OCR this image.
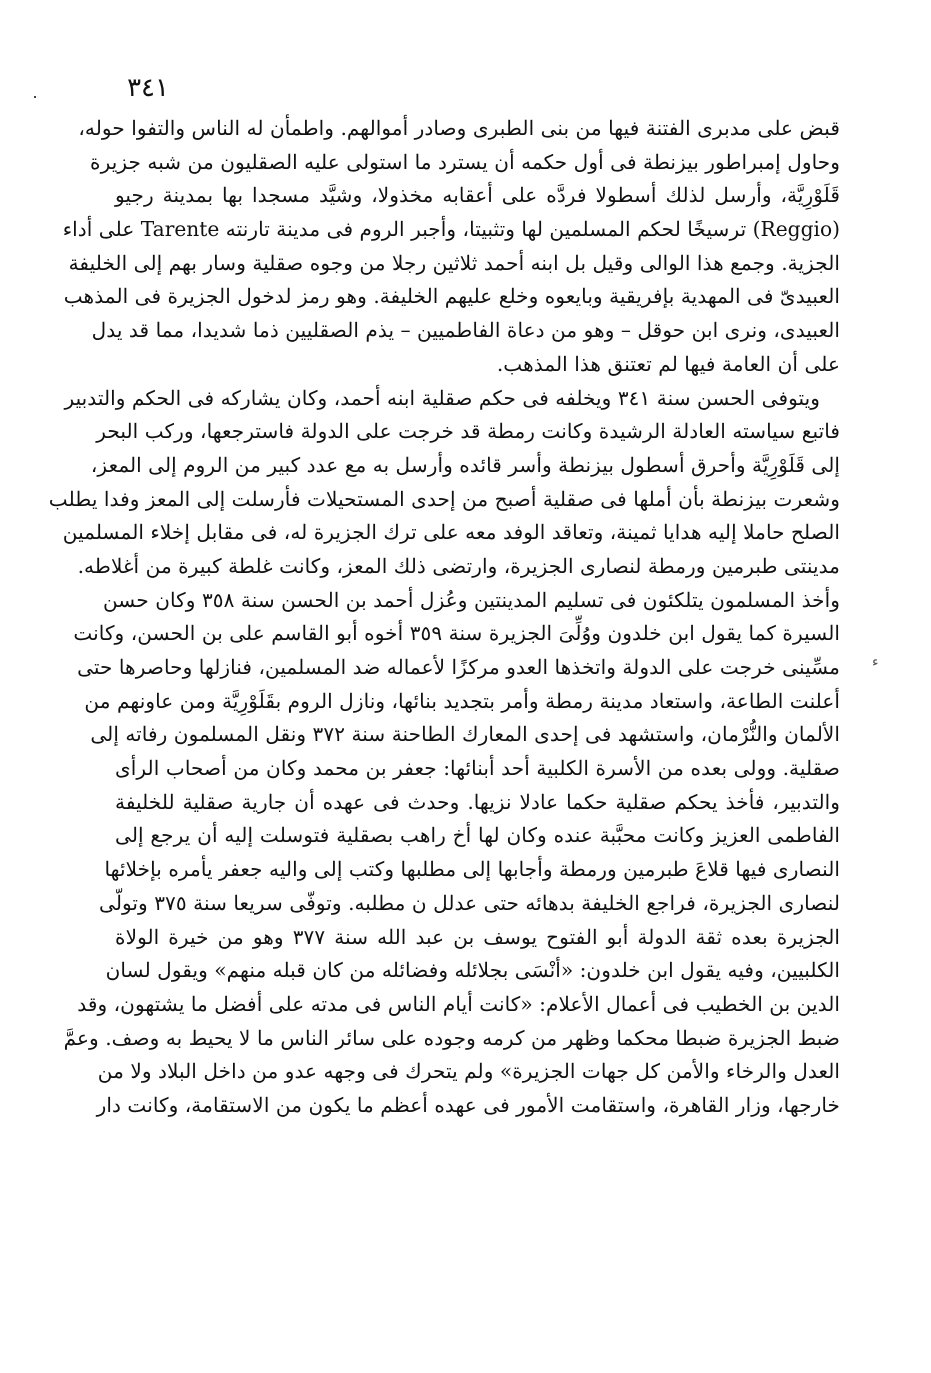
٣٤١
ء
قبض على مدبرى الفتنة فيها من بنى الطبرى وصادر أموالهم. واطمأن له الناس والتفوا حوله،
وحاول إمبراطور بيزنطة فى أول حكمه أن يسترد ما استولى عليه الصقليون من شبه جزيرة
قَلَوْرِيَّة، وأرسل لذلك أسطولا فردَّه على أعقابه مخذولا، وشيَّد مسجدا بها بمدينة رجيو
(Reggio) ترسيخًا لحكم المسلمين لها وتثبيتا، وأجبر الروم فى مدينة تارنته Tarente على أداء
الجزية. وجمع هذا الوالى وقيل بل ابنه أحمد ثلاثين رجلا من وجوه صقلية وسار بهم إلى الخليفة
العبيدىّ فى المهدية بإفريقية وبايعوه وخلع عليهم الخليفة. وهو رمز لدخول الجزيرة فى المذهب
العبيدى، ونرى ابن حوقل – وهو من دعاة الفاطميين – يذم الصقليين ذما شديدا، مما قد يدل
على أن العامة فيها لم تعتنق هذا المذهب.
ويتوفى الحسن سنة ٣٤١ ويخلفه فى حكم صقلية ابنه أحمد، وكان يشاركه فى الحكم والتدبير
فاتبع سياسته العادلة الرشيدة وكانت رمطة قد خرجت على الدولة فاسترجعها، وركب البحر
إلى قَلَوْرِيَّة وأحرق أسطول بيزنطة وأسر قائده وأرسل به مع عدد كبير من الروم إلى المعز،
وشعرت بيزنطة بأن أملها فى صقلية أصبح من إحدى المستحيلات فأرسلت إلى المعز وفدا يطلب
الصلح حاملا إليه هدايا ثمينة، وتعاقد الوفد معه على ترك الجزيرة له، فى مقابل إخلاء المسلمين
مدينتى طبرمين ورمطة لنصارى الجزيرة، وارتضى ذلك المعز، وكانت غلطة كبيرة من أغلاطه.
وأخذ المسلمون يتلكئون فى تسليم المدينتين وعُزل أحمد بن الحسن سنة ٣٥٨ وكان حسن
السيرة كما يقول ابن خلدون ووُلِّىَ الجزيرة سنة ٣٥٩ أخوه أبو القاسم على بن الحسن، وكانت
مسِّينى خرجت على الدولة واتخذها العدو مركزًا لأعماله ضد المسلمين، فنازلها وحاصرها حتى
أعلنت الطاعة، واستعاد مدينة رمطة وأمر بتجديد بنائها، ونازل الروم بقَلَوْرِيَّة ومن عاونهم من
الألمان والنُّرْمان، واستشهد فى إحدى المعارك الطاحنة سنة ٣٧٢ ونقل المسلمون رفاته إلى
صقلية. وولى بعده من الأسرة الكلبية أحد أبنائها: جعفر بن محمد وكان من أصحاب الرأى
والتدبير، فأخذ يحكم صقلية حكما عادلا نزيها. وحدث فى عهده أن جارية صقلية للخليفة
الفاطمى العزيز وكانت محبَّبة عنده وكان لها أخ راهب بصقلية فتوسلت إليه أن يرجع إلى
النصارى فيها قلاعَ طبرمين ورمطة وأجابها إلى مطلبها وكتب إلى واليه جعفر يأمره بإخلائها
لنصارى الجزيرة، فراجع الخليفة بدهائه حتى عدلل ن مطلبه. وتوفّى سريعا سنة ٣٧٥ وتولّى
الجزيرة بعده ثقة الدولة أبو الفتوح يوسف بن عبد الله سنة ٣٧٧ وهو من خيرة الولاة
الكلبيين، وفيه يقول ابن خلدون: «أنْسَى بجلائله وفضائله من كان قبله منهم» ويقول لسان
الدين بن الخطيب فى أعمال الأعلام: «كانت أيام الناس فى مدته على أفضل ما يشتهون، وقد
ضبط الجزيرة ضبطا محكما وظهر من كرمه وجوده على سائر الناس ما لا يحيط به وصف. وعمَّ
العدل والرخاء والأمن كل جهات الجزيرة» ولم يتحرك فى وجهه عدو من داخل البلاد ولا من
خارجها، وزار القاهرة، واستقامت الأمور فى عهده أعظم ما يكون من الاستقامة، وكانت دار
